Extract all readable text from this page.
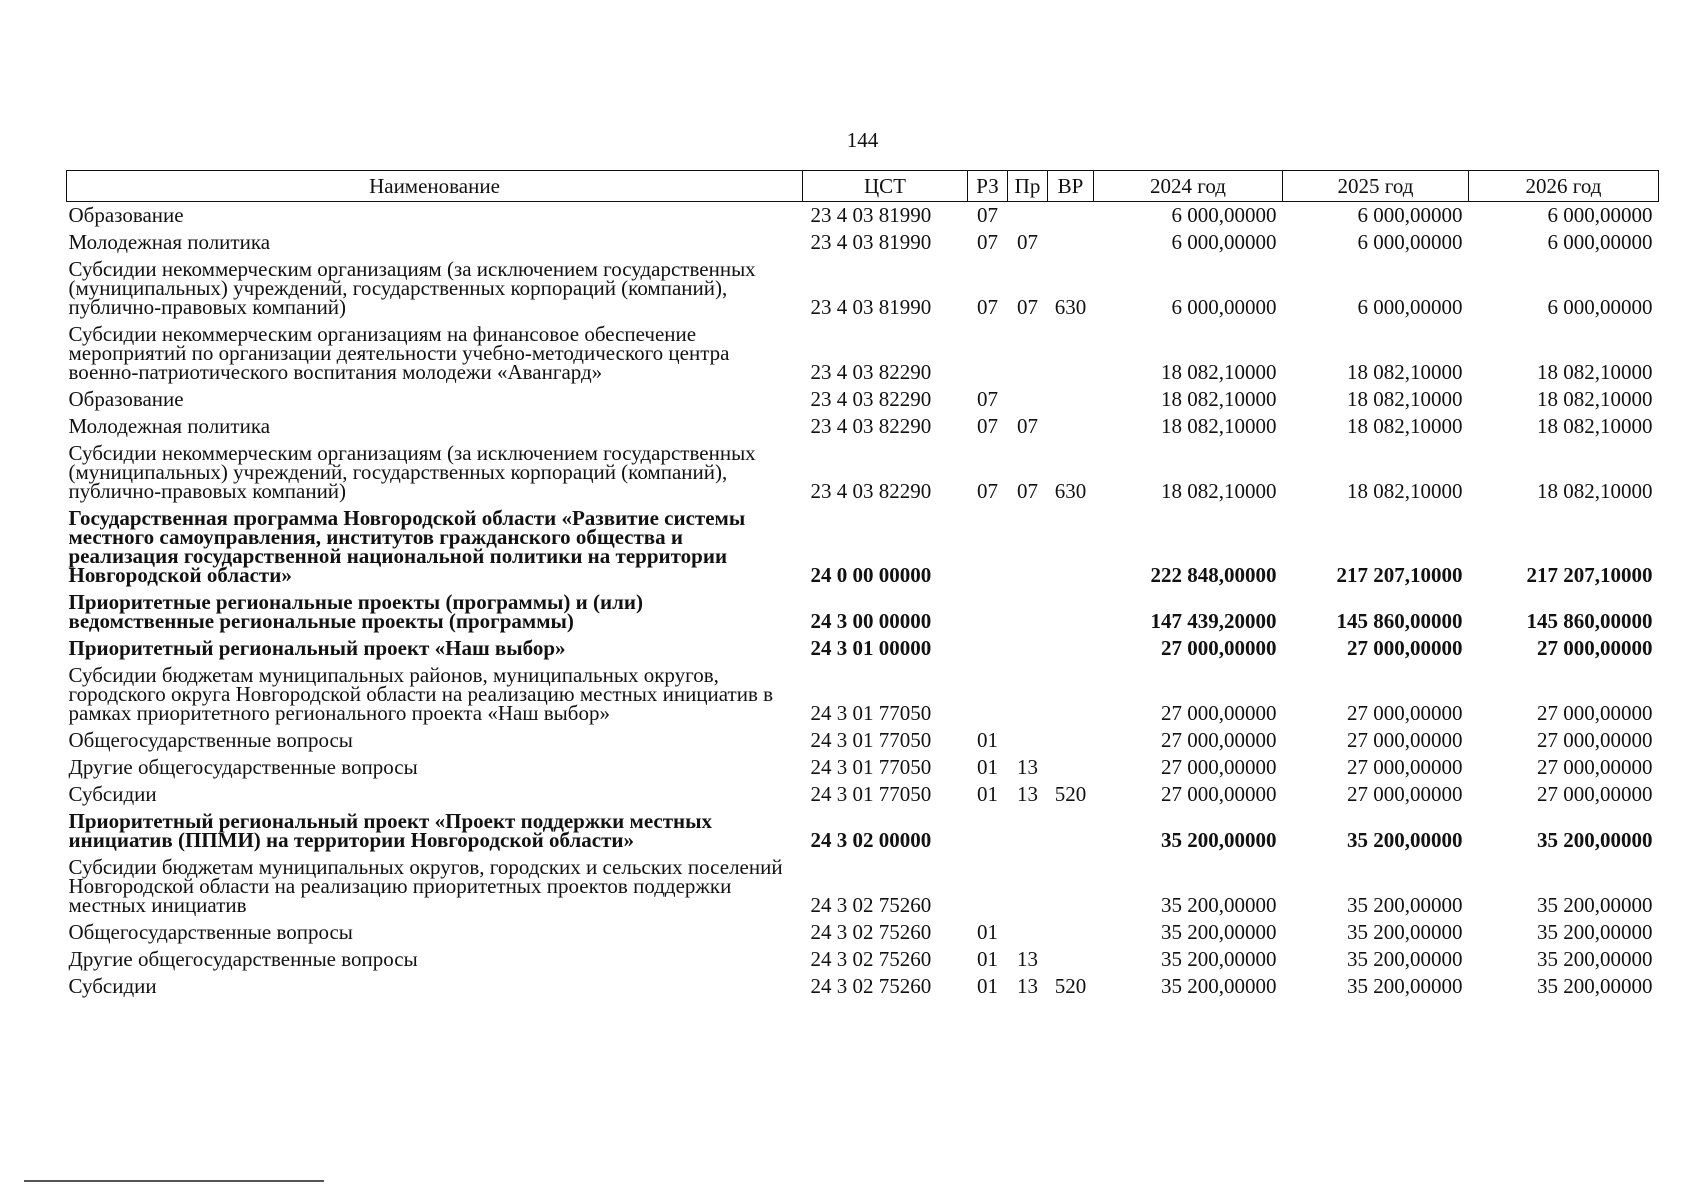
144
Наименование	ЦСТ	РЗ	Пр	ВР	2024 год	2025 год	2026 год
Образование	23 4 03 81990	07			6 000,00000	6 000,00000	6 000,00000
Молодежная политика	23 4 03 81990	07	07		6 000,00000	6 000,00000	6 000,00000
Субсидии некоммерческим организациям (за исключением государственных (муниципальных) учреждений, государственных корпораций (компаний), публично-правовых компаний)	23 4 03 81990	07	07	630	6 000,00000	6 000,00000	6 000,00000
Субсидии некоммерческим организациям на финансовое обеспечение мероприятий по организации деятельности учебно-методического центра военно-патриотического воспитания молодежи «Авангард»	23 4 03 82290				18 082,10000	18 082,10000	18 082,10000
Образование	23 4 03 82290	07			18 082,10000	18 082,10000	18 082,10000
Молодежная политика	23 4 03 82290	07	07		18 082,10000	18 082,10000	18 082,10000
Субсидии некоммерческим организациям (за исключением государственных (муниципальных) учреждений, государственных корпораций (компаний), публично-правовых компаний)	23 4 03 82290	07	07	630	18 082,10000	18 082,10000	18 082,10000
Государственная программа Новгородской области «Развитие системы местного самоуправления, институтов гражданского общества и реализация государственной национальной политики на территории Новгородской области»	24 0 00 00000				222 848,00000	217 207,10000	217 207,10000
Приоритетные региональные проекты (программы) и (или) ведомственные региональные проекты (программы)	24 3 00 00000				147 439,20000	145 860,00000	145 860,00000
Приоритетный региональный проект «Наш выбор»	24 3 01 00000				27 000,00000	27 000,00000	27 000,00000
Субсидии бюджетам муниципальных районов, муниципальных округов, городского округа Новгородской области на реализацию местных инициатив в рамках приоритетного регионального проекта «Наш выбор»	24 3 01 77050				27 000,00000	27 000,00000	27 000,00000
Общегосударственные вопросы	24 3 01 77050	01			27 000,00000	27 000,00000	27 000,00000
Другие общегосударственные вопросы	24 3 01 77050	01	13		27 000,00000	27 000,00000	27 000,00000
Субсидии	24 3 01 77050	01	13	520	27 000,00000	27 000,00000	27 000,00000
Приоритетный региональный проект «Проект поддержки местных инициатив (ППМИ) на территории Новгородской области»	24 3 02 00000				35 200,00000	35 200,00000	35 200,00000
Субсидии бюджетам муниципальных округов, городских и сельских поселений Новгородской области на реализацию приоритетных проектов поддержки местных инициатив	24 3 02 75260				35 200,00000	35 200,00000	35 200,00000
Общегосударственные вопросы	24 3 02 75260	01			35 200,00000	35 200,00000	35 200,00000
Другие общегосударственные вопросы	24 3 02 75260	01	13		35 200,00000	35 200,00000	35 200,00000
Субсидии	24 3 02 75260	01	13	520	35 200,00000	35 200,00000	35 200,00000
